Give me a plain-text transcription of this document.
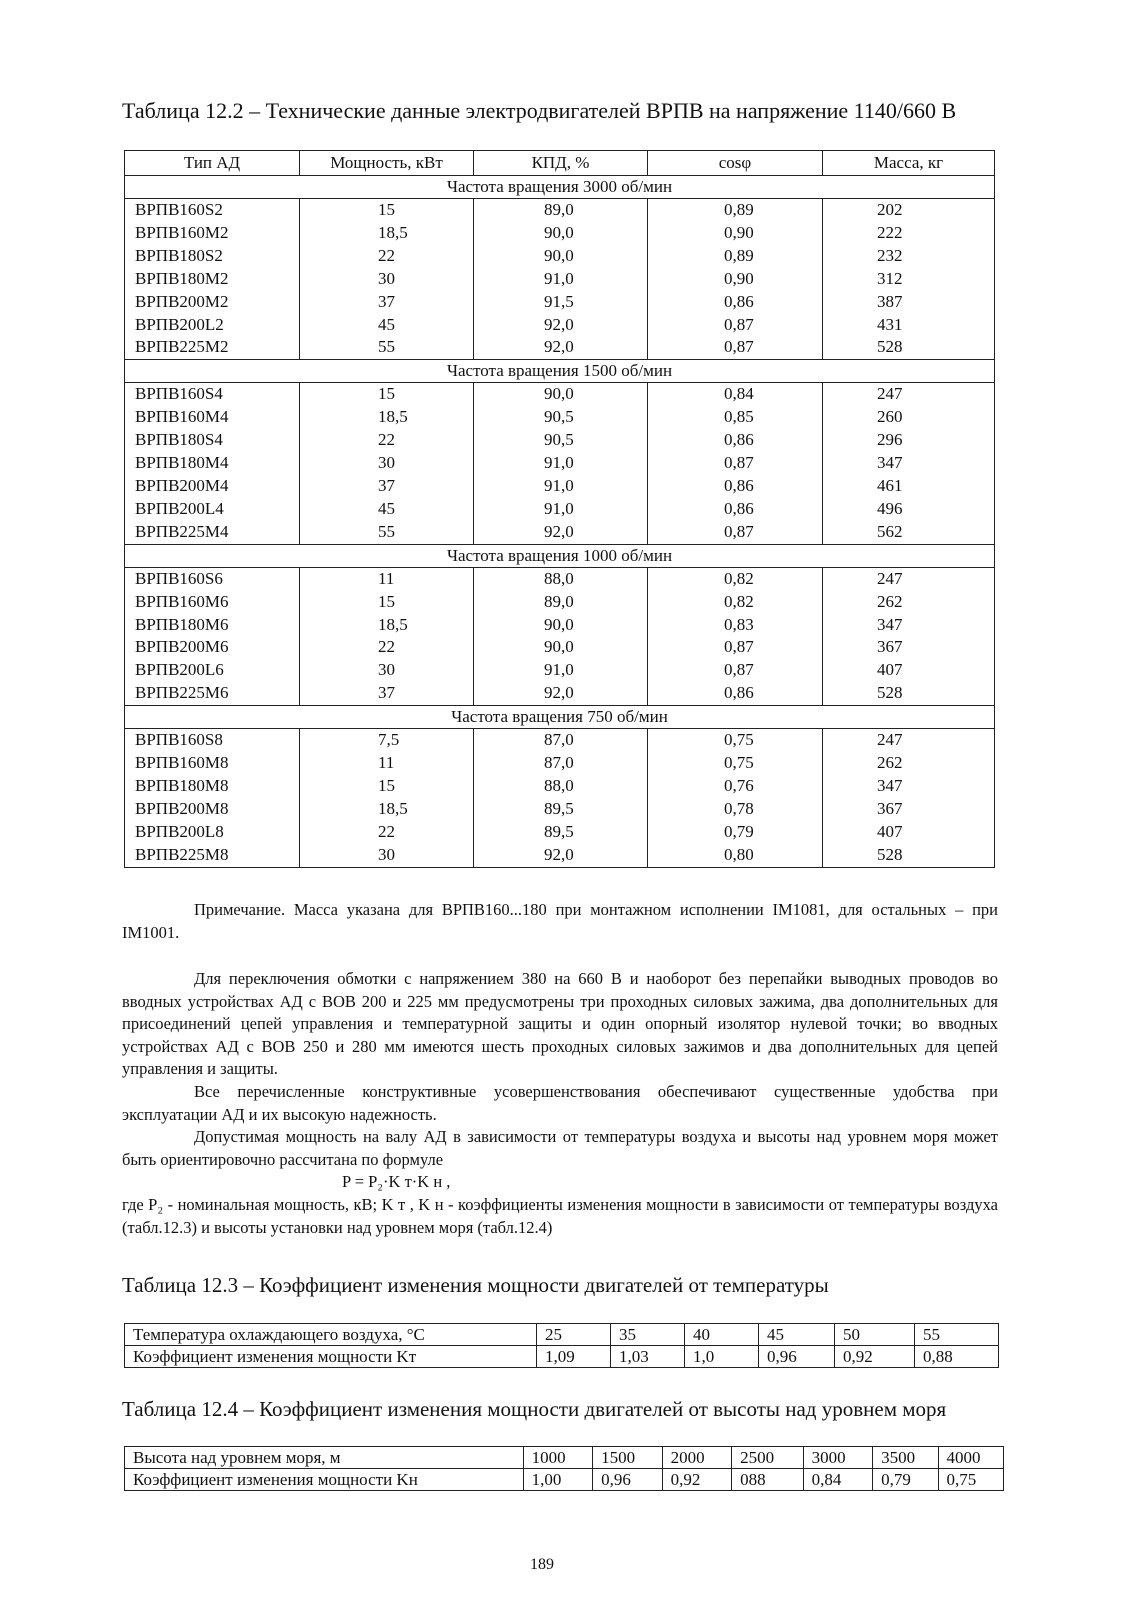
Таблица 12.2 – Технические данные электродвигателей ВРПВ на напряжение 1140/660 В
Тип АД	Мощность, кВт	КПД, %	cosφ	Масса, кг
Частота вращения 3000 об/мин				
ВРПВ160S2	15	89,0	0,89	202
ВРПВ160М2	18,5	90,0	0,90	222
ВРПВ180S2	22	90,0	0,89	232
ВРПВ180М2	30	91,0	0,90	312
ВРПВ200М2	37	91,5	0,86	387
ВРПВ200L2	45	92,0	0,87	431
ВРПВ225М2	55	92,0	0,87	528
Частота вращения 1500 об/мин				
ВРПВ160S4	15	90,0	0,84	247
ВРПВ160М4	18,5	90,5	0,85	260
ВРПВ180S4	22	90,5	0,86	296
ВРПВ180М4	30	91,0	0,87	347
ВРПВ200М4	37	91,0	0,86	461
ВРПВ200L4	45	91,0	0,86	496
ВРПВ225М4	55	92,0	0,87	562
Частота вращения 1000 об/мин				
ВРПВ160S6	11	88,0	0,82	247
ВРПВ160М6	15	89,0	0,82	262
ВРПВ180М6	18,5	90,0	0,83	347
ВРПВ200М6	22	90,0	0,87	367
ВРПВ200L6	30	91,0	0,87	407
ВРПВ225М6	37	92,0	0,86	528
Частота вращения 750 об/мин				
ВРПВ160S8	7,5	87,0	0,75	247
ВРПВ160М8	11	87,0	0,75	262
ВРПВ180М8	15	88,0	0,76	347
ВРПВ200М8	18,5	89,5	0,78	367
ВРПВ200L8	22	89,5	0,79	407
ВРПВ225М8	30	92,0	0,80	528

Примечание. Масса указана для ВРПВ160...180 при монтажном исполнении IM1081, для остальных – при IM1001.

Для переключения обмотки с напряжением 380 на 660 В и наоборот без перепайки выводных проводов во вводных устройствах АД с ВОВ 200 и 225 мм предусмотрены три проходных силовых зажима, два дополнительных для присоединений цепей управления и температурной защиты и один опорный изолятор нулевой точки; во вводных устройствах АД с ВОВ 250 и 280 мм имеются шесть проходных силовых зажимов и два дополнительных для цепей управления и защиты.

Все перечисленные конструктивные усовершенствования обеспечивают существенные удобства при эксплуатации АД и их высокую надежность.

Допустимая мощность на валу АД в зависимости от температуры воздуха и высоты над уровнем моря может быть ориентировочно рассчитана по формуле

P = P₂·K т·K н ,

где P₂ - номинальная мощность, кВ; K т , K н - коэффициенты изменения мощности в зависимости от температуры воздуха (табл.12.3) и высоты установки над уровнем моря (табл.12.4)

Таблица 12.3 – Коэффициент изменения мощности двигателей от температуры
Температура охлаждающего воздуха, °С	25	35	40	45	50	55
Коэффициент изменения мощности Kт	1,09	1,03	1,0	0,96	0,92	0,88
Таблица 12.4 – Коэффициент изменения мощности двигателей от высоты над уровнем моря
Высота над уровнем моря, м	1000	1500	2000	2500	3000	3500	4000
Коэффициент изменения мощности Kн	1,00	0,96	0,92	088	0,84	0,79	0,75
189
